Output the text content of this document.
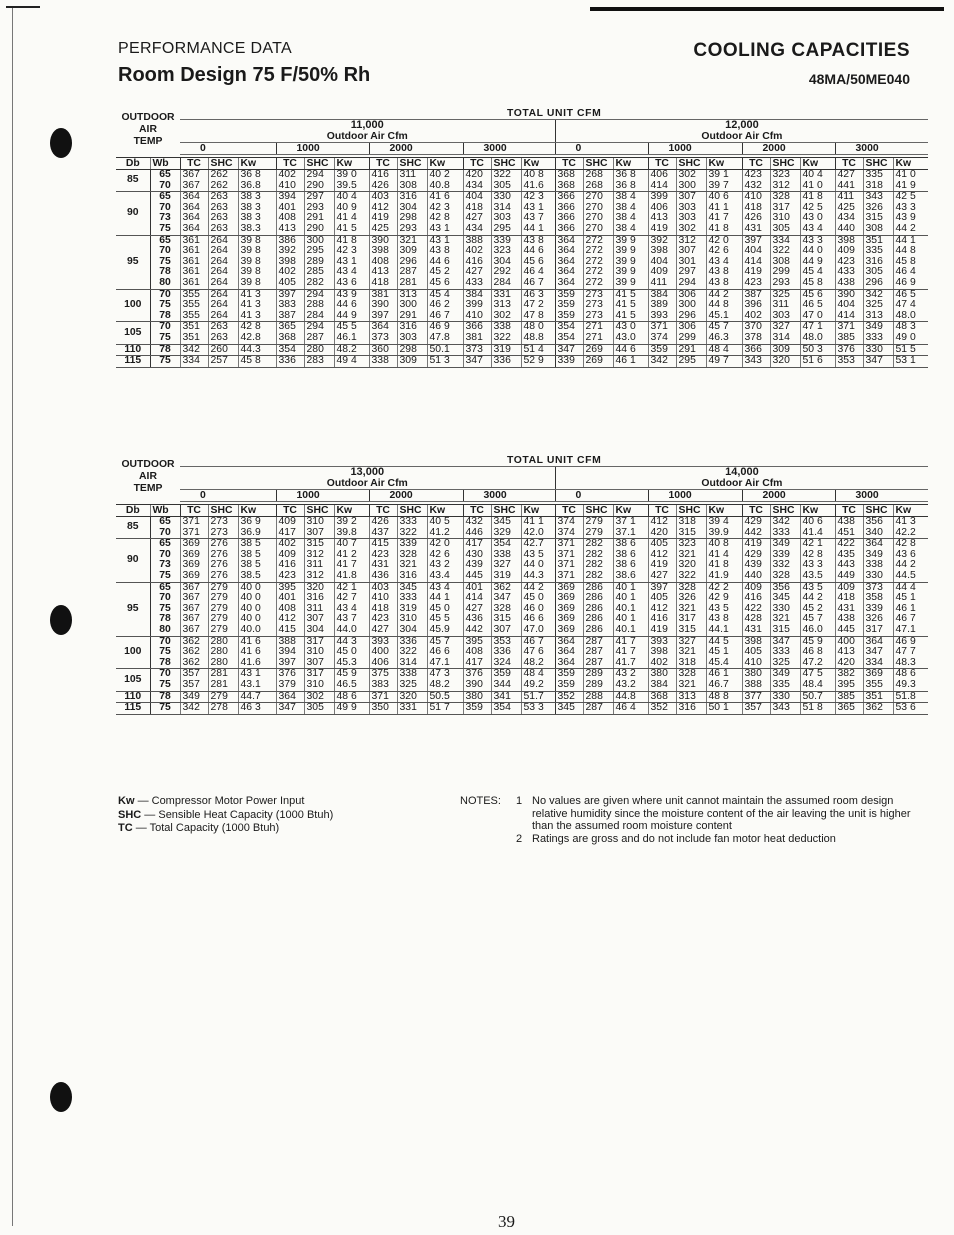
PERFORMANCE DATA
Room Design 75 F/50% Rh
COOLING CAPACITIES
48MA/50ME040
OUTDOOR
AIR
TEMP		TOTAL UNIT CFM																							
		11,000												12,000											
		Outdoor Air Cfm												Outdoor Air Cfm											
		0			1000			2000			3000			0			1000			2000			3000		

Db	Wb	TC	SHC	Kw	TC	SHC	Kw	TC	SHC	Kw	TC	SHC	Kw	TC	SHC	Kw	TC	SHC	Kw	TC	SHC	Kw	TC	SHC	Kw
85	65	367	262	36 8	402	294	39 0	416	311	40 2	420	322	40 8	368	268	36 8	406	302	39 1	423	323	40 4	427	335	41 0
	70	367	262	36.8	410	290	39.5	426	308	40.8	434	305	41.6	368	268	36 8	414	300	39 7	432	312	41 0	441	318	41 9
90	65	364	263	38 3	394	297	40 4	403	316	41 6	404	330	42 3	366	270	38 4	399	307	40 6	410	328	41 8	411	343	42 5
	70	364	263	38 3	401	293	40 9	412	304	42 3	418	314	43 1	366	270	38 4	406	303	41 1	418	317	42 5	425	326	43 3
	73	364	263	38 3	408	291	41 4	419	298	42 8	427	303	43 7	366	270	38 4	413	303	41 7	426	310	43 0	434	315	43 9
	75	364	263	38.3	413	290	41 5	425	293	43 1	434	295	44 1	366	270	38 4	419	302	41 8	431	305	43 4	440	308	44 2
95	65	361	264	39 8	386	300	41 8	390	321	43 1	388	339	43 8	364	272	39 9	392	312	42 0	397	334	43 3	398	351	44 1
	70	361	264	39 8	392	295	42 3	398	309	43 8	402	323	44 6	364	272	39 9	398	307	42 6	404	322	44 0	409	335	44 8
	75	361	264	39 8	398	289	43 1	408	296	44 6	416	304	45 6	364	272	39 9	404	301	43 4	414	308	44 9	423	316	45 8
	78	361	264	39 8	402	285	43 4	413	287	45 2	427	292	46 4	364	272	39 9	409	297	43 8	419	299	45 4	433	305	46 4
	80	361	264	39 8	405	282	43 6	418	281	45 6	433	284	46 7	364	272	39 9	411	294	43 8	423	293	45 8	438	296	46 9
100	70	355	264	41 3	397	294	43 9	381	313	45 4	384	331	46 3	359	273	41 5	384	306	44 2	387	325	45 6	390	342	46 5
	75	355	264	41 3	383	288	44 6	390	300	46 2	399	313	47 2	359	273	41 5	389	300	44 8	396	311	46 5	404	325	47 4
	78	355	264	41 3	387	284	44 9	397	291	46 7	410	302	47 8	359	273	41 5	393	296	45.1	402	303	47 0	414	313	48.0
105	70	351	263	42 8	365	294	45 5	364	316	46 9	366	338	48 0	354	271	43 0	371	306	45 7	370	327	47 1	371	349	48 3
	75	351	263	42.8	368	287	46.1	373	303	47.8	381	322	48.8	354	271	43.0	374	299	46.3	378	314	48.0	385	333	49 0
110	78	342	260	44.3	354	280	48.2	360	298	50.1	373	319	51 4	347	269	44 6	359	291	48 4	366	309	50 3	376	330	51 5
115	75	334	257	45 8	336	283	49 4	338	309	51 3	347	336	52 9	339	269	46 1	342	295	49 7	343	320	51 6	353	347	53 1
OUTDOOR
AIR
TEMP		TOTAL UNIT CFM																							
		13,000												14,000											
		Outdoor Air Cfm												Outdoor Air Cfm											
		0			1000			2000			3000			0			1000			2000			3000		

Db	Wb	TC	SHC	Kw	TC	SHC	Kw	TC	SHC	Kw	TC	SHC	Kw	TC	SHC	Kw	TC	SHC	Kw	TC	SHC	Kw	TC	SHC	Kw
85	65	371	273	36 9	409	310	39 2	426	333	40 5	432	345	41 1	374	279	37 1	412	318	39 4	429	342	40 6	438	356	41 3
	70	371	273	36.9	417	307	39.8	437	322	41.2	446	329	42.0	374	279	37.1	420	315	39.9	442	333	41.4	451	340	42.2
90	65	369	276	38 5	402	315	40 7	415	339	42 0	417	354	42.7	371	282	38 6	405	323	40 8	419	349	42 1	422	364	42 8
	70	369	276	38 5	409	312	41 2	423	328	42 6	430	338	43 5	371	282	38 6	412	321	41 4	429	339	42 8	435	349	43 6
	73	369	276	38 5	416	311	41 7	431	321	43 2	439	327	44 0	371	282	38 6	419	320	41 8	439	332	43 3	443	338	44 2
	75	369	276	38.5	423	312	41.8	436	316	43.4	445	319	44.3	371	282	38.6	427	322	41.9	440	328	43.5	449	330	44.5
95	65	367	279	40 0	395	320	42 1	403	345	43 4	401	362	44 2	369	286	40 1	397	328	42 2	409	356	43 5	409	373	44 4
	70	367	279	40 0	401	316	42 7	410	333	44 1	414	347	45 0	369	286	40 1	405	326	42 9	416	345	44 2	418	358	45 1
	75	367	279	40 0	408	311	43 4	418	319	45 0	427	328	46 0	369	286	40.1	412	321	43 5	422	330	45 2	431	339	46 1
	78	367	279	40 0	412	307	43 7	423	310	45 5	436	315	46 6	369	286	40 1	416	317	43 8	428	321	45 7	438	326	46 7
	80	367	279	40.0	415	304	44.0	427	304	45.9	442	307	47.0	369	286	40.1	419	315	44.1	431	315	46.0	445	317	47.1
100	70	362	280	41 6	388	317	44 3	393	336	45 7	395	353	46 7	364	287	41 7	393	327	44 5	398	347	45 9	400	364	46 9
	75	362	280	41 6	394	310	45 0	400	322	46 6	408	336	47 6	364	287	41 7	398	321	45 1	405	333	46 8	413	347	47 7
	78	362	280	41.6	397	307	45.3	406	314	47.1	417	324	48.2	364	287	41.7	402	318	45.4	410	325	47.2	420	334	48.3
105	70	357	281	43 1	376	317	45 9	375	338	47 3	376	359	48 4	359	289	43 2	380	328	46 1	380	349	47 5	382	369	48 6
	75	357	281	43.1	379	310	46.5	383	325	48.2	390	344	49.2	359	289	43.2	384	321	46.7	388	335	48.4	395	355	49.3
110	78	349	279	44.7	364	302	48 6	371	320	50.5	380	341	51.7	352	288	44.8	368	313	48 8	377	330	50.7	385	351	51.8
115	75	342	278	46 3	347	305	49 9	350	331	51 7	359	354	53 3	345	287	46 4	352	316	50 1	357	343	51 8	365	362	53 6
Kw — Compressor Motor Power Input
SHC — Sensible Heat Capacity (1000 Btuh)
TC — Total Capacity (1000 Btuh)
NOTES:	1 No values are given where unit cannot maintain the assumed room design relative humidity since the moisture content of the air leaving the unit is higher than the assumed room moisture content
2 Ratings are gross and do not include fan motor heat deduction
39
